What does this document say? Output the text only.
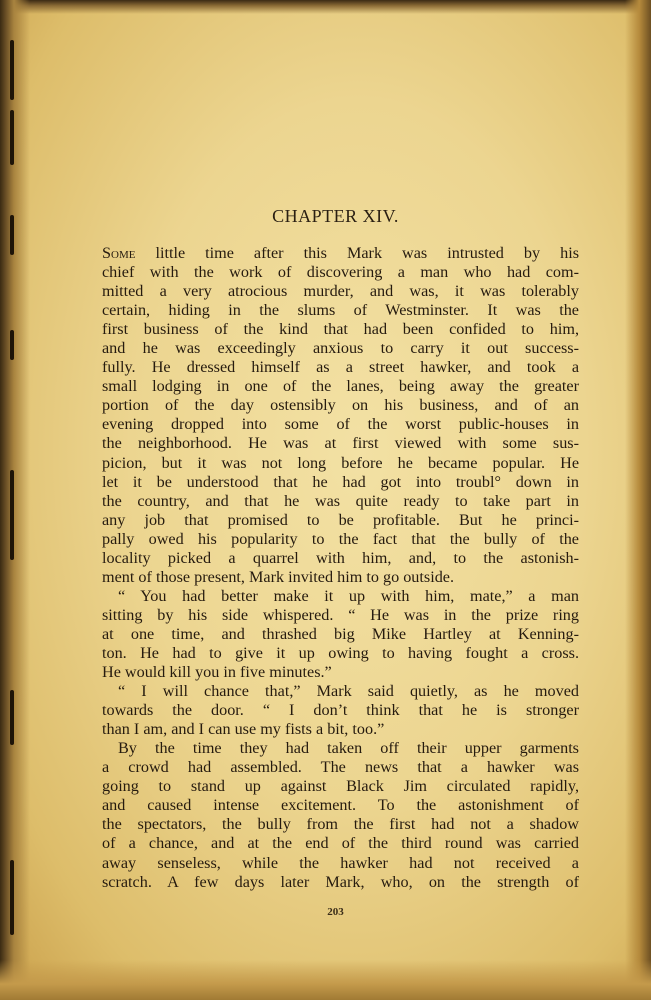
CHAPTER XIV.
Some little time after this Mark was intrusted by his
chief with the work of discovering a man who had com-
mitted a very atrocious murder, and was, it was tolerably
certain, hiding in the slums of Westminster. It was the
first business of the kind that had been confided to him,
and he was exceedingly anxious to carry it out success-
fully. He dressed himself as a street hawker, and took a
small lodging in one of the lanes, being away the greater
portion of the day ostensibly on his business, and of an
evening dropped into some of the worst public-houses in
the neighborhood. He was at first viewed with some sus-
picion, but it was not long before he became popular. He
let it be understood that he had got into troubl° down in
the country, and that he was quite ready to take part in
any job that promised to be profitable. But he princi-
pally owed his popularity to the fact that the bully of the
locality picked a quarrel with him, and, to the astonish-
ment of those present, Mark invited him to go outside.
“ You had better make it up with him, mate,” a man
sitting by his side whispered. “ He was in the prize ring
at one time, and thrashed big Mike Hartley at Kenning-
ton. He had to give it up owing to having fought a cross.
He would kill you in five minutes.”
“ I will chance that,” Mark said quietly, as he moved
towards the door. “ I don’t think that he is stronger
than I am, and I can use my fists a bit, too.”
By the time they had taken off their upper garments
a crowd had assembled. The news that a hawker was
going to stand up against Black Jim circulated rapidly,
and caused intense excitement. To the astonishment of
the spectators, the bully from the first had not a shadow
of a chance, and at the end of the third round was carried
away senseless, while the hawker had not received a
scratch. A few days later Mark, who, on the strength of
203
